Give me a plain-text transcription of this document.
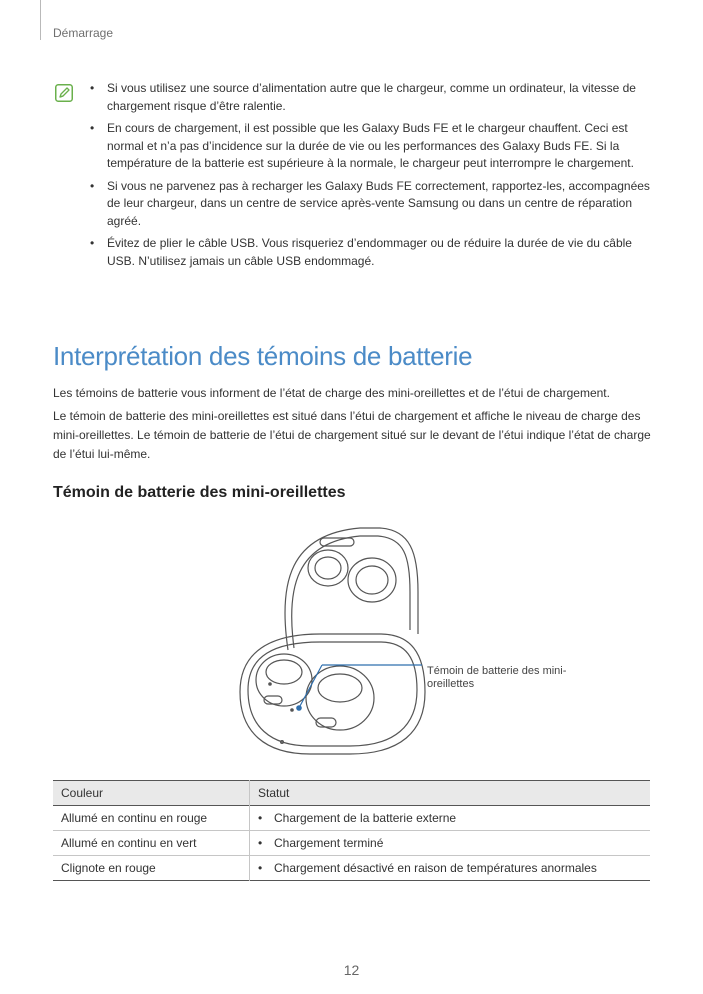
Démarrage
• Si vous utilisez une source d’alimentation autre que le chargeur, comme un ordinateur, la vitesse de chargement risque d’être ralentie.
• En cours de chargement, il est possible que les Galaxy Buds FE et le chargeur chauffent. Ceci est normal et n’a pas d’incidence sur la durée de vie ou les performances des Galaxy Buds FE. Si la température de la batterie est supérieure à la normale, le chargeur peut interrompre le chargement.
• Si vous ne parvenez pas à recharger les Galaxy Buds FE correctement, rapportez-les, accompagnées de leur chargeur, dans un centre de service après-vente Samsung ou dans un centre de réparation agréé.
• Évitez de plier le câble USB. Vous risqueriez d’endommager ou de réduire la durée de vie du câble USB. N’utilisez jamais un câble USB endommagé.
Interprétation des témoins de batterie

Les témoins de batterie vous informent de l’état de charge des mini-oreillettes et de l’étui de chargement.

Le témoin de batterie des mini-oreillettes est situé dans l’étui de chargement et affiche le niveau de charge des mini-oreillettes. Le témoin de batterie de l’étui de chargement situé sur le devant de l’étui indique l’état de charge de l’étui lui-même.

Témoin de batterie des mini-oreillettes
Témoin de batterie des mini-oreillettes
Couleur	Statut
Allumé en continu en rouge	• Chargement de la batterie externe
Allumé en continu en vert	• Chargement terminé
Clignote en rouge	• Chargement désactivé en raison de températures anormales
12
